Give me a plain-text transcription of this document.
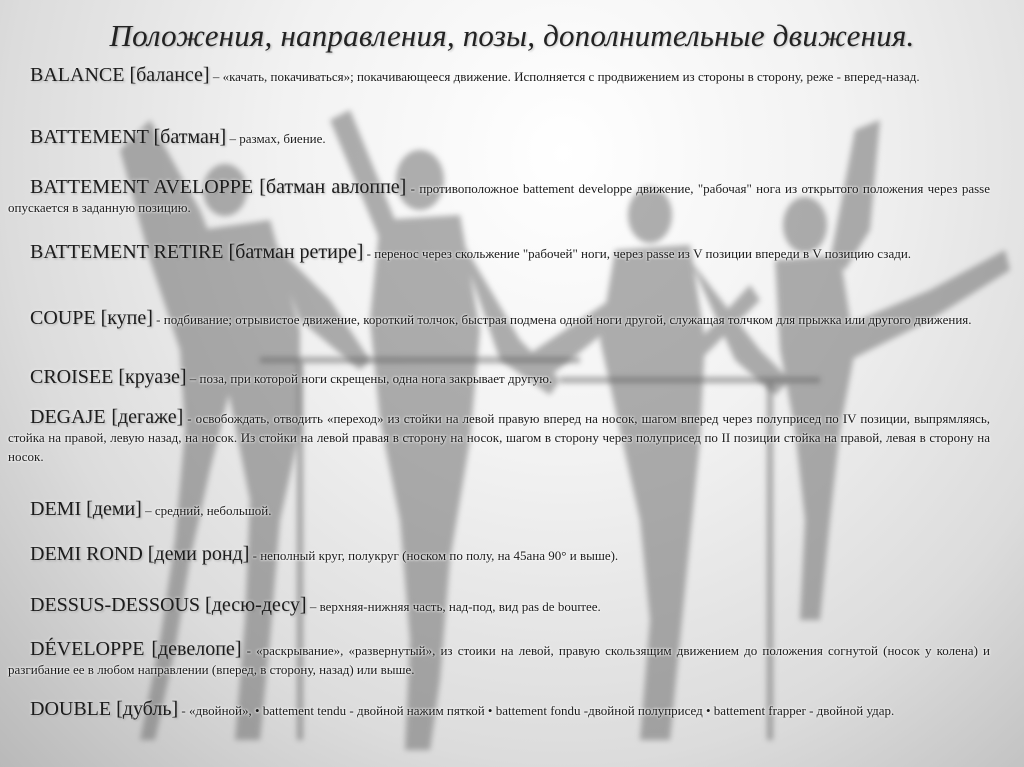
Положения, направления, позы, дополнительные движения.
BALANCE [балансе] – «качать, покачиваться»; покачивающееся движение. Исполняется с продвижением из стороны в сторону, реже - вперед-назад.
BATTEMENT [батман] – размах, биение.
BATTEMENT AVELOPPE [батман авлоппе] - противоположное battement developpe движение, "рабочая" нога из открытого положения через passe опускается в заданную позицию.
BATTEMENT RETIRE [батман ретире] - перенос через скольжение "рабочей" ноги, через passe из V позиции впереди в V позицию сзади.
COUPE [купе] - подбивание; отрывистое движение, короткий толчок, быстрая подмена одной ноги другой, служащая толчком для прыжка или другого движения.
CROISEE [круазе] – поза, при которой ноги скрещены, одна нога закрывает другую.
DEGAJE [дегаже] - освобождать, отводить «переход» из стойки на левой правую вперед на носок, шагом вперед через полуприсед по IV позиции, выпрямляясь, стойка на правой, левую назад, на носок. Из стойки на левой правая в сторону на носок, шагом в сторону через полуприсед по II позиции стойка на правой, левая в сторону на носок.
DEMI [деми] – средний, небольшой.
DEMI ROND [деми ронд] - неполный круг, полукруг (носком по полу, на 45ана 90° и выше).
DESSUS-DESSOUS [десю-десу] – верхняя-нижняя часть, над-под, вид pas de bourree.
DÉVELOPPE [девелопе] - «раскрывание», «развернутый», из стоики на левой, правую скользящим движением до положения согнутой (носок у колена) и разгибание ее в любом направлении (вперед, в сторону, назад) или выше.
DOUBLE [дубль] - «двойной», • battement tendu - двойной нажим пяткой • battement fondu -двойной полуприсед • battement frapper - двойной удар.
